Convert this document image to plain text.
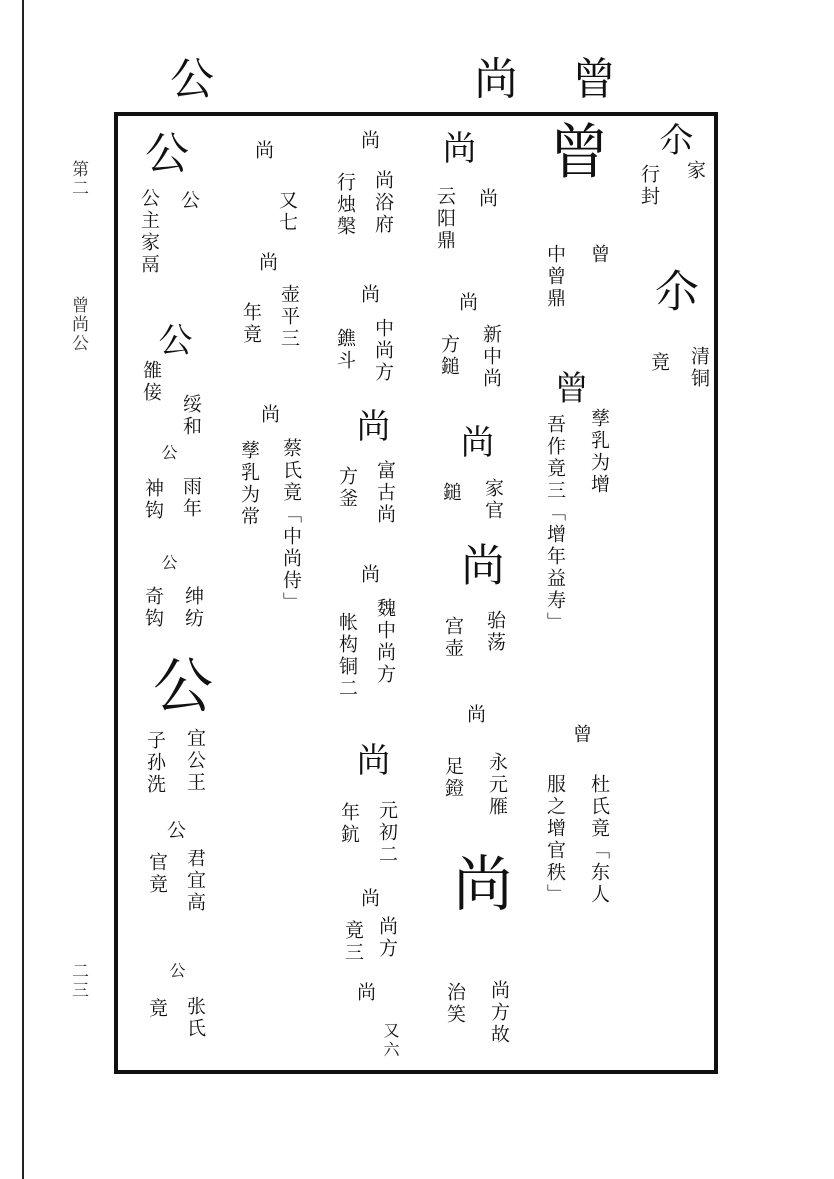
第二
曾尚公
二三
公	尚 曾
尒
家
行封
尒
清铜
竟
曾
曾
中曾鼎
曾
孳乳为增
吾作竟三「增年益寿」
曾
杜氏竟「东人
服之增官秩」
尚
尚
云阳鼎
尚
新中尚
方鎚
尚
家官
鎚
尚
骀荡
宫壶
尚
永元雁
足鐙
尚
尚方故
治笑
尚
尚浴府
行烛槃
尚
中尚方
鐎斗
尚
富古尚
方釜
尚
魏中尚方
帐构铜二
尚
元初二
年鈧
尚
尚方
竟三
尚
又六
尚
又七
尚
壶平三
年竟
尚
蔡氏竟「中尚侍」
孳乳为常
公
公
公主家鬲
公
绥和
雒倿
公
雨年
神钩
公
绅纺
奇钩
公
宜公王
子孙洗
公
君宜高
官竟
公
张氏
竟
